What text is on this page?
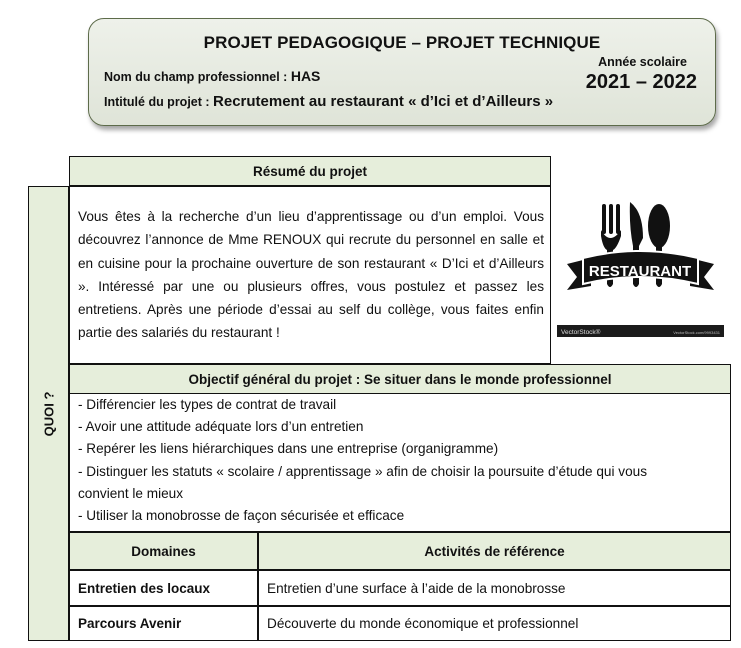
PROJET PEDAGOGIQUE – PROJET TECHNIQUE
Année scolaire
2021 – 2022
Nom du champ professionnel : HAS
Intitulé du projet : Recrutement au restaurant « d’Ici et d’Ailleurs »
QUOI ?
Résumé du projet
Vous êtes à la recherche d’un lieu d’apprentissage ou d’un emploi. Vous découvrez l’annonce de Mme RENOUX qui recrute du personnel en salle et en cuisine pour la prochaine ouverture de son restaurant « D’Ici et d’Ailleurs ». Intéressé par une ou plusieurs offres, vous postulez et passez les entretiens. Après une période d’essai au self du collège, vous faites enfin partie des salariés du restaurant !
RESTAURANT
VectorStock®	VectorStock.com/9993431
Objectif général du projet : Se situer dans le monde professionnel
- Différencier les types de contrat de travail
- Avoir une attitude adéquate lors d’un entretien
- Repérer les liens hiérarchiques dans une entreprise (organigramme)
- Distinguer les statuts « scolaire / apprentissage » afin de choisir la poursuite d’étude qui vous
convient le mieux
- Utiliser la monobrosse de façon sécurisée et efficace
Domaines	Activités de référence
Entretien des locaux	Entretien d’une surface à l’aide de la monobrosse
Parcours Avenir	Découverte du monde économique et professionnel
